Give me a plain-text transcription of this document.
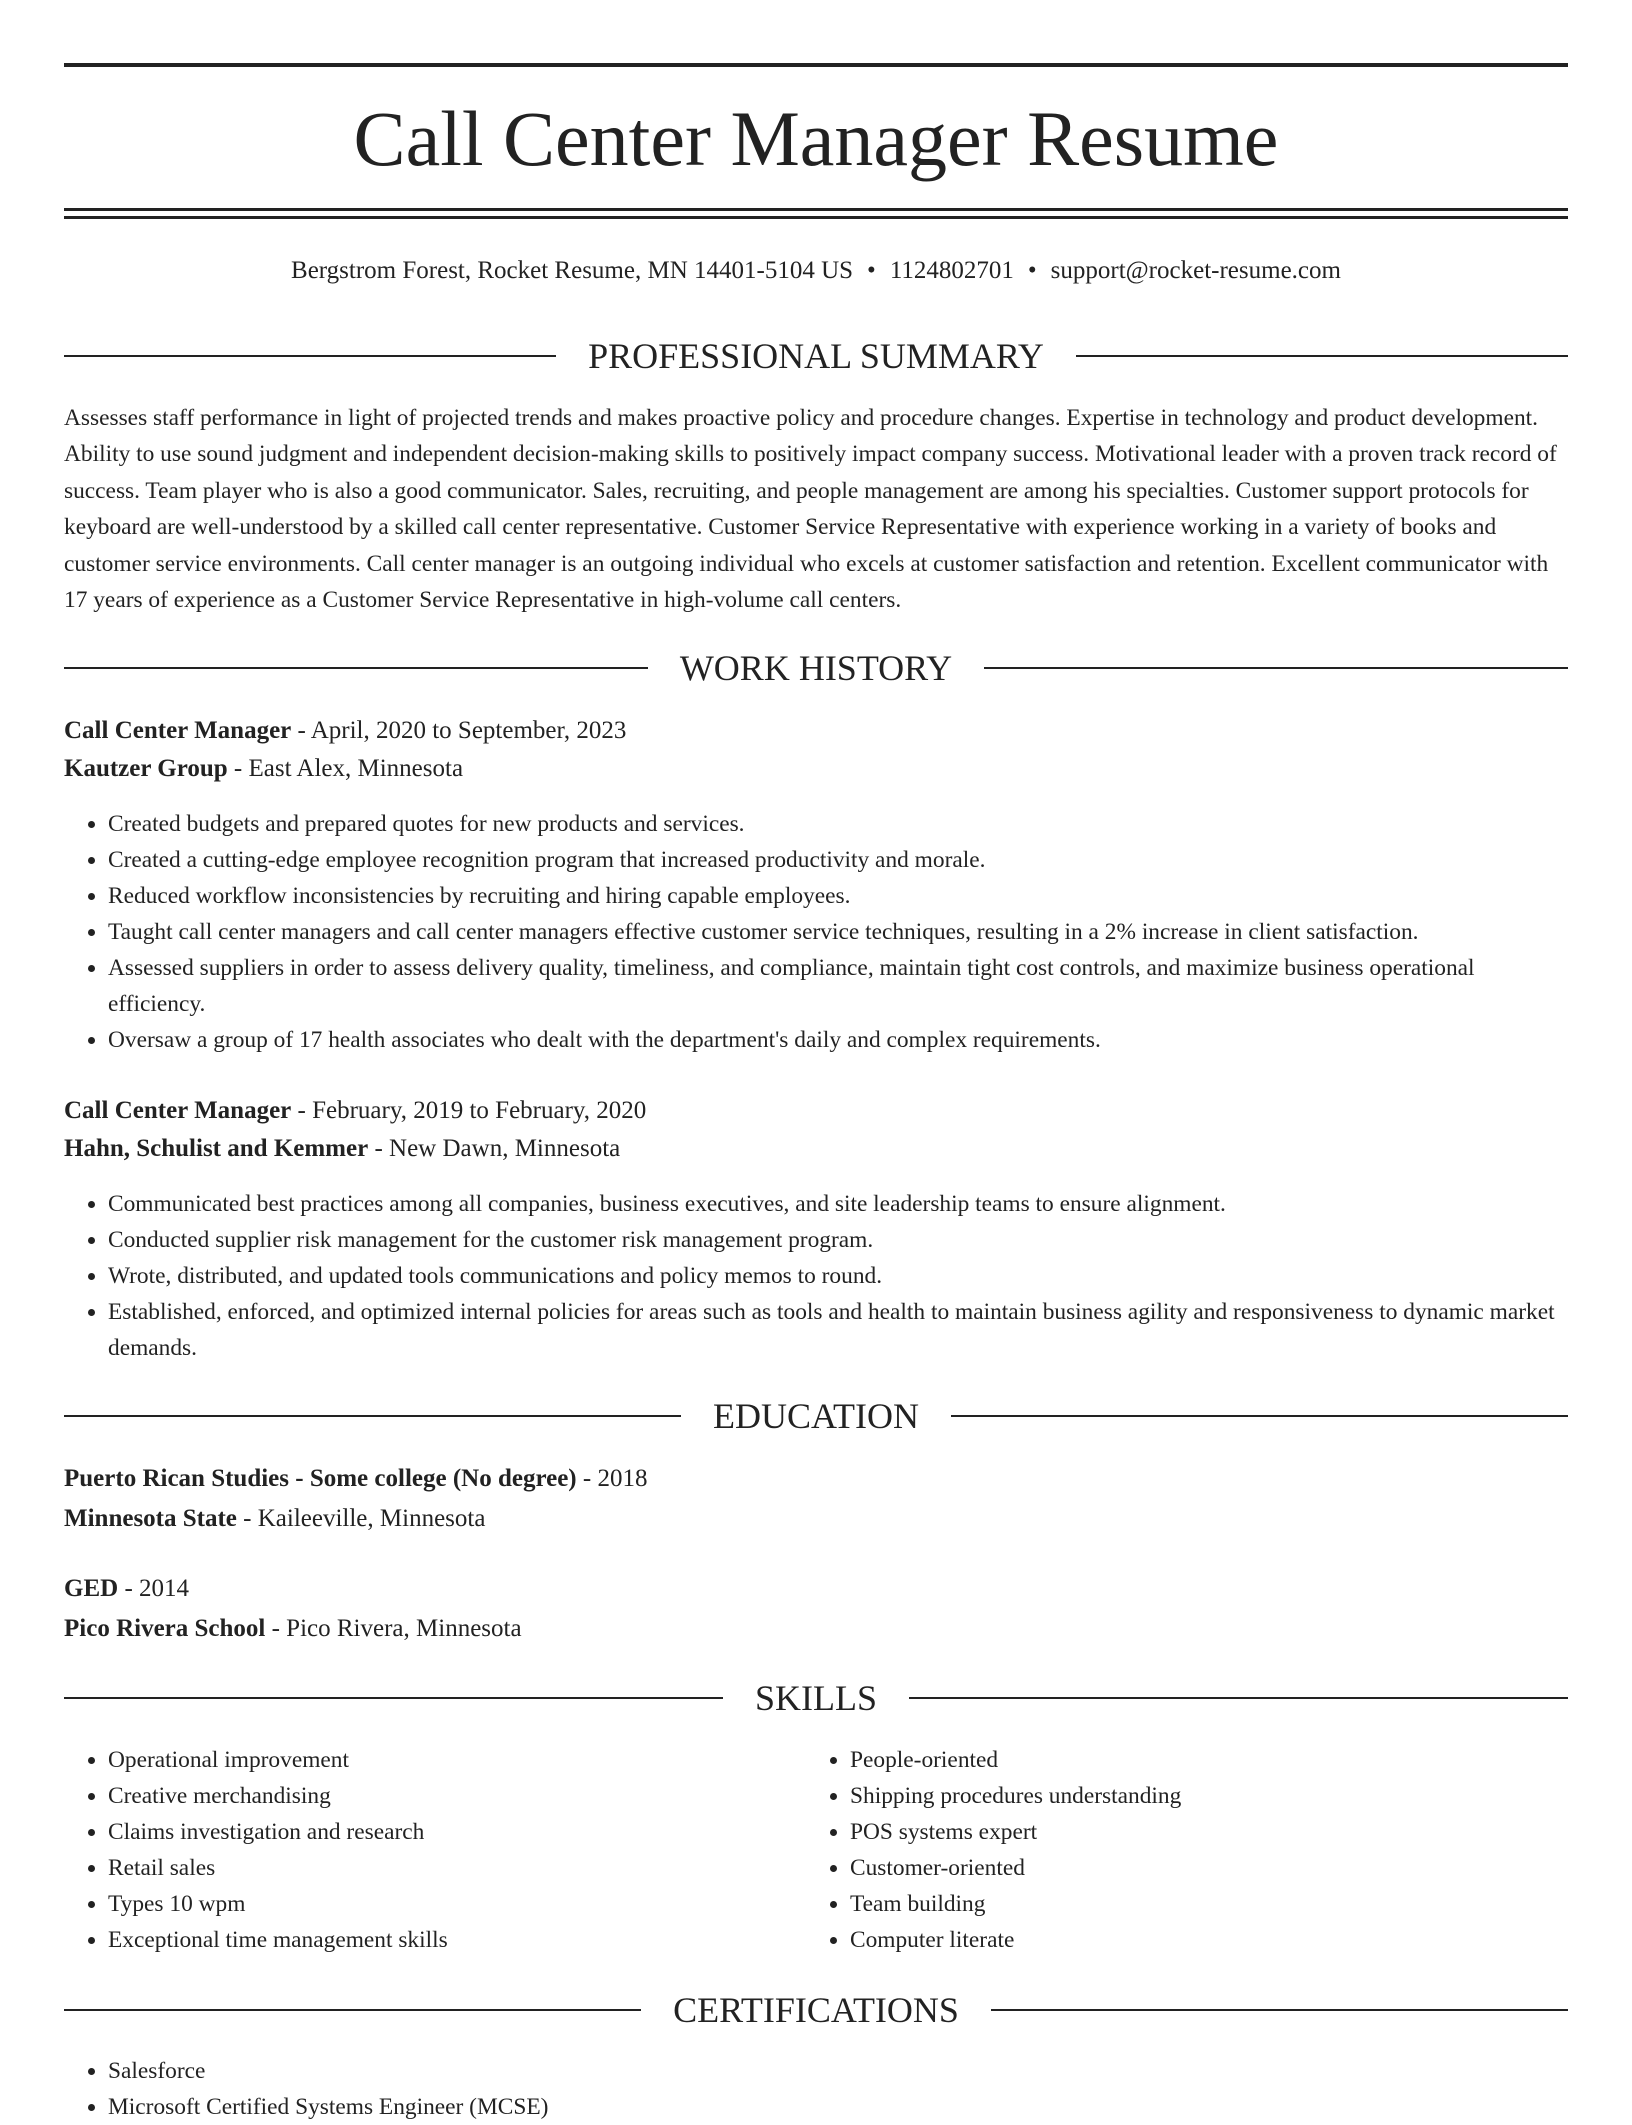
Call Center Manager Resume
Bergstrom Forest, Rocket Resume, MN 14401-5104 US • 1124802701 • support@rocket-resume.com
PROFESSIONAL SUMMARY

Assesses staff performance in light of projected trends and makes proactive policy and procedure changes. Expertise in technology and product development. Ability to use sound judgment and independent decision-making skills to positively impact company success. Motivational leader with a proven track record of success. Team player who is also a good communicator. Sales, recruiting, and people management are among his specialties. Customer support protocols for keyboard are well-understood by a skilled call center representative. Customer Service Representative with experience working in a variety of books and customer service environments. Call center manager is an outgoing individual who excels at customer satisfaction and retention. Excellent communicator with 17 years of experience as a Customer Service Representative in high-volume call centers.

WORK HISTORY
Call Center Manager - April, 2020 to September, 2023
Kautzer Group - East Alex, Minnesota
• Created budgets and prepared quotes for new products and services.
• Created a cutting-edge employee recognition program that increased productivity and morale.
• Reduced workflow inconsistencies by recruiting and hiring capable employees.
• Taught call center managers and call center managers effective customer service techniques, resulting in a 2% increase in client satisfaction.
• Assessed suppliers in order to assess delivery quality, timeliness, and compliance, maintain tight cost controls, and maximize business operational efficiency.
• Oversaw a group of 17 health associates who dealt with the department's daily and complex requirements.
Call Center Manager - February, 2019 to February, 2020
Hahn, Schulist and Kemmer - New Dawn, Minnesota
• Communicated best practices among all companies, business executives, and site leadership teams to ensure alignment.
• Conducted supplier risk management for the customer risk management program.
• Wrote, distributed, and updated tools communications and policy memos to round.
• Established, enforced, and optimized internal policies for areas such as tools and health to maintain business agility and responsiveness to dynamic market demands.
EDUCATION
Puerto Rican Studies - Some college (No degree) - 2018
Minnesota State - Kaileeville, Minnesota
GED - 2014
Pico Rivera School - Pico Rivera, Minnesota
SKILLS
• Operational improvement
• Creative merchandising
• Claims investigation and research
• Retail sales
• Types 10 wpm
• Exceptional time management skills
• People-oriented
• Shipping procedures understanding
• POS systems expert
• Customer-oriented
• Team building
• Computer literate
CERTIFICATIONS
• Salesforce
• Microsoft Certified Systems Engineer (MCSE)
